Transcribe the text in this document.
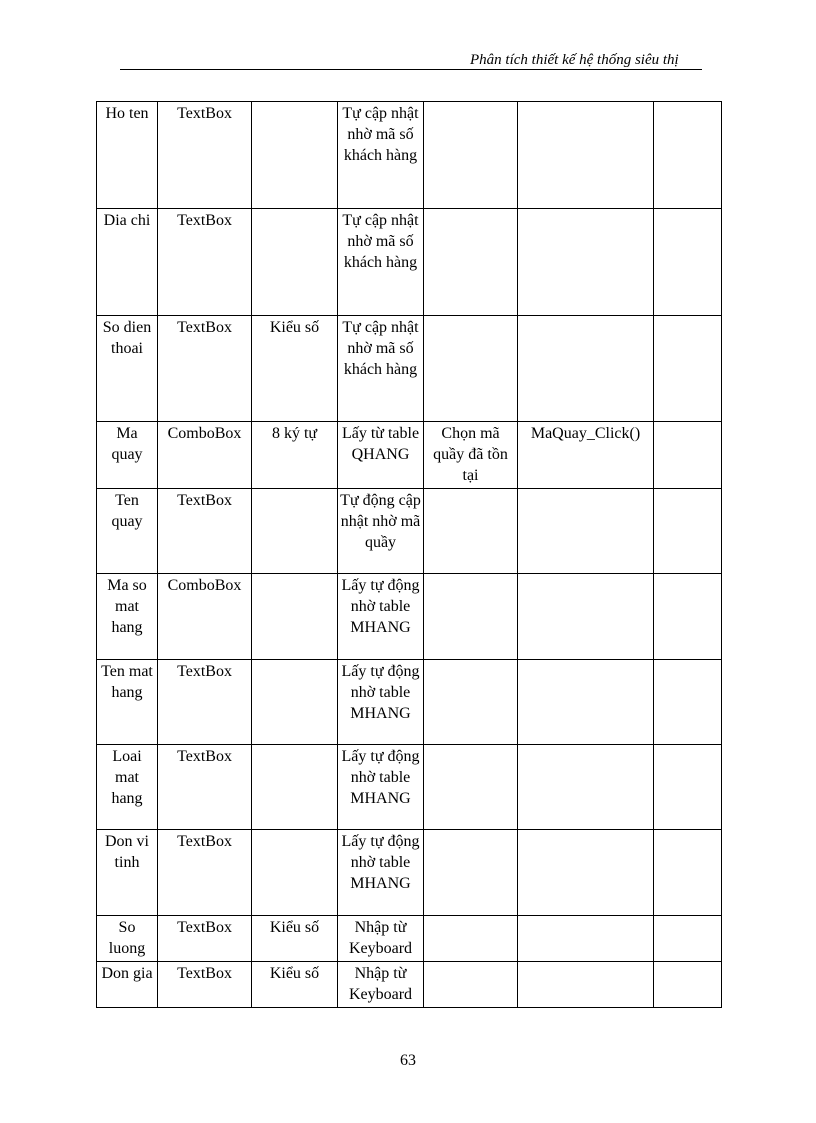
Phân tích thiết kế hệ thống siêu thị
Ho ten	TextBox		Tự cập nhật nhờ mã số khách hàng			
Dia chi	TextBox		Tự cập nhật nhờ mã số khách hàng			
So dien thoai	TextBox	Kiểu số	Tự cập nhật nhờ mã số khách hàng			
Ma quay	ComboBox	8 ký tự	Lấy từ table QHANG	Chọn mã quầy đã tồn tại	MaQuay_Click()	
Ten quay	TextBox		Tự động cập nhật nhờ mã quầy			
Ma so mat hang	ComboBox		Lấy tự động nhờ table MHANG			
Ten mat hang	TextBox		Lấy tự động nhờ table MHANG			
Loai mat hang	TextBox		Lấy tự động nhờ table MHANG			
Don vi tinh	TextBox		Lấy tự động nhờ table MHANG			
So luong	TextBox	Kiểu số	Nhập từ Keyboard			
Don gia	TextBox	Kiểu số	Nhập từ Keyboard			
63
